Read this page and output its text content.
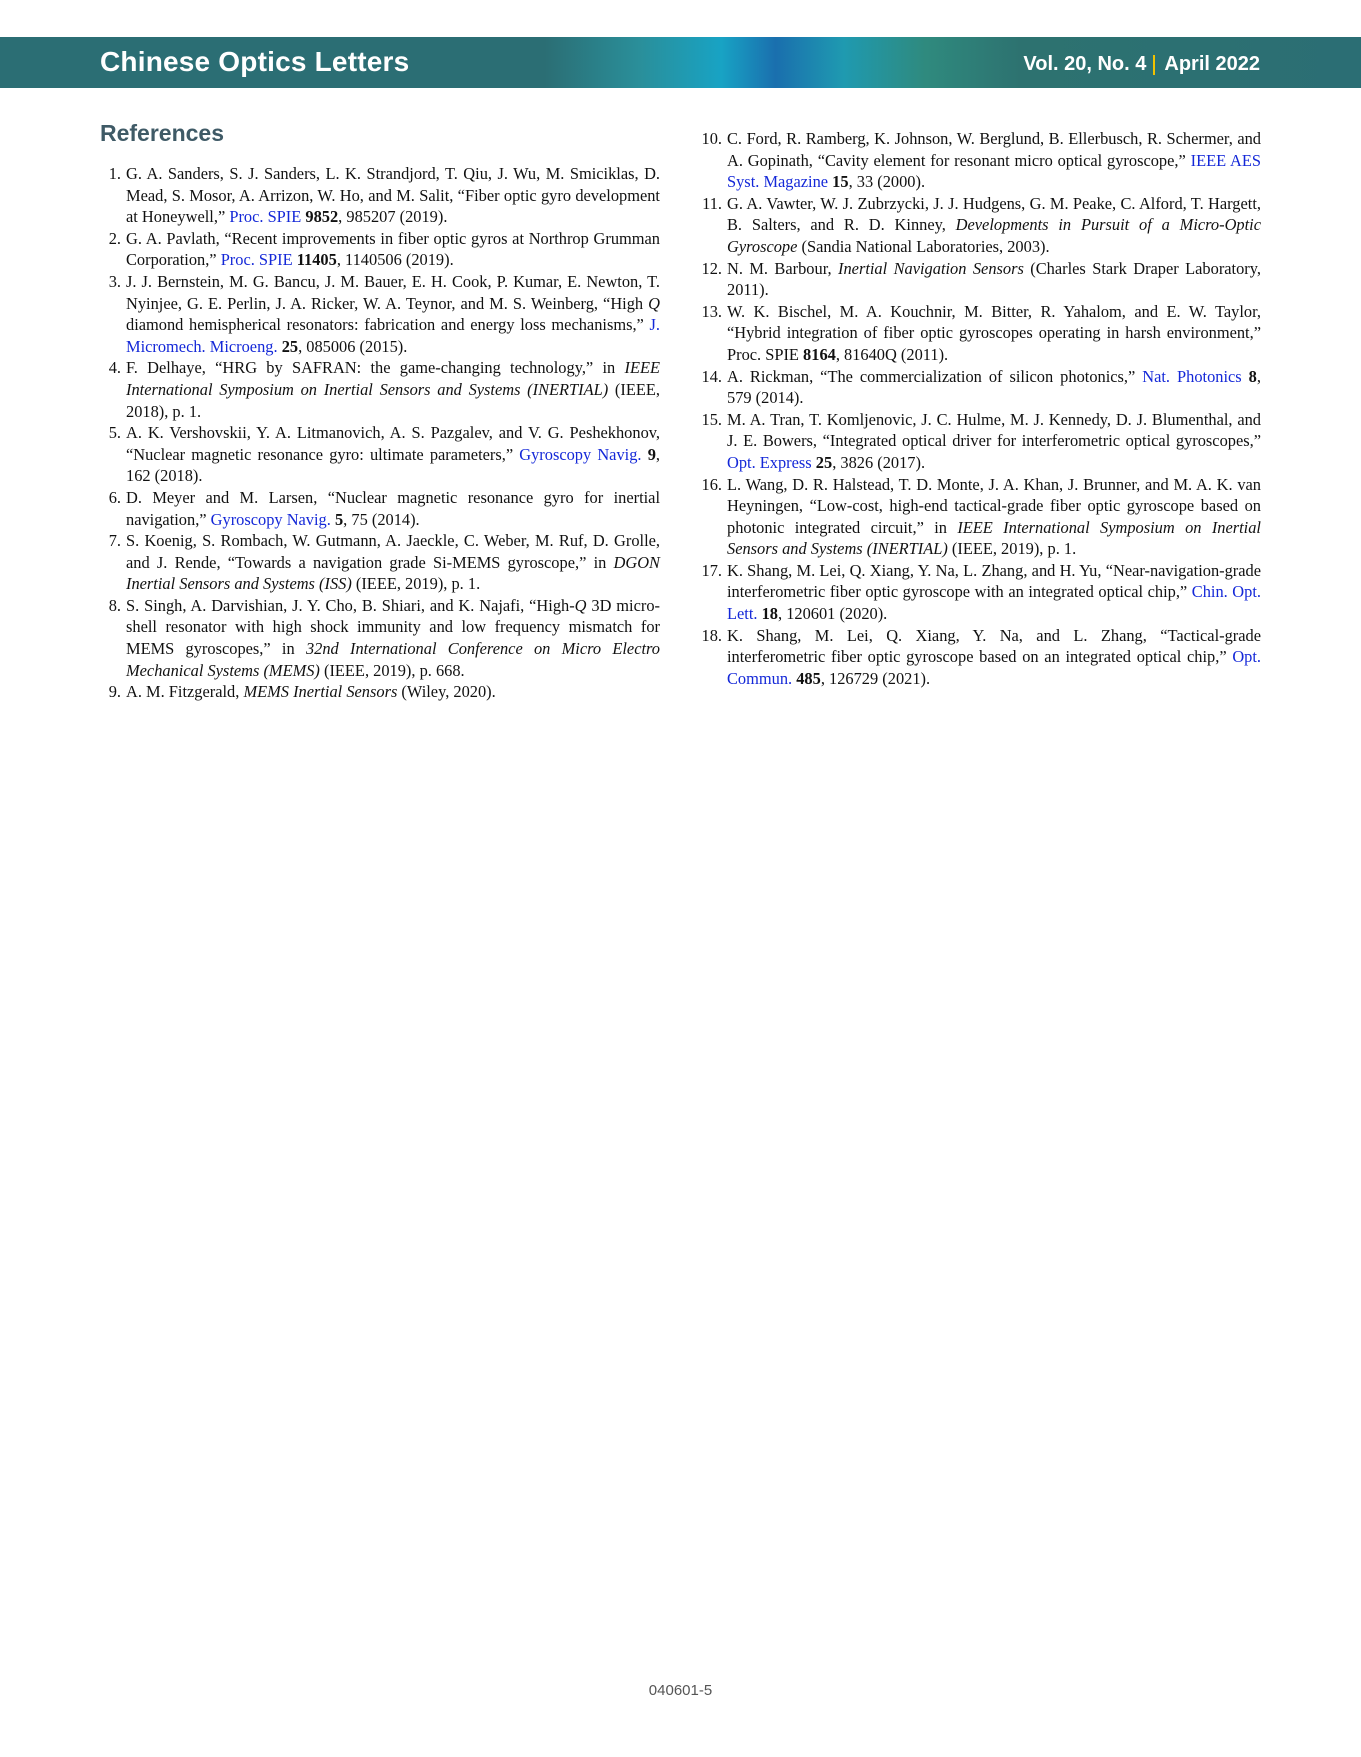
Chinese Optics Letters	Vol. 20, No. 4 April 2022
References
1. G. A. Sanders, S. J. Sanders, L. K. Strandjord, T. Qiu, J. Wu, M. Smiciklas, D. Mead, S. Mosor, A. Arrizon, W. Ho, and M. Salit, “Fiber optic gyro development at Honeywell,” Proc. SPIE 9852, 985207 (2019).
2. G. A. Pavlath, “Recent improvements in fiber optic gyros at Northrop Grumman Corporation,” Proc. SPIE 11405, 1140506 (2019).
3. J. J. Bernstein, M. G. Bancu, J. M. Bauer, E. H. Cook, P. Kumar, E. Newton, T. Nyinjee, G. E. Perlin, J. A. Ricker, W. A. Teynor, and M. S. Weinberg, “High Q diamond hemispherical resonators: fabrication and energy loss mechanisms,” J. Micromech. Microeng. 25, 085006 (2015).
4. F. Delhaye, “HRG by SAFRAN: the game-changing technology,” in IEEE International Symposium on Inertial Sensors and Systems (INERTIAL) (IEEE, 2018), p. 1.
5. A. K. Vershovskii, Y. A. Litmanovich, A. S. Pazgalev, and V. G. Peshekhonov, “Nuclear magnetic resonance gyro: ultimate parameters,” Gyroscopy Navig. 9, 162 (2018).
6. D. Meyer and M. Larsen, “Nuclear magnetic resonance gyro for inertial navigation,” Gyroscopy Navig. 5, 75 (2014).
7. S. Koenig, S. Rombach, W. Gutmann, A. Jaeckle, C. Weber, M. Ruf, D. Grolle, and J. Rende, “Towards a navigation grade Si-MEMS gyroscope,” in DGON Inertial Sensors and Systems (ISS) (IEEE, 2019), p. 1.
8. S. Singh, A. Darvishian, J. Y. Cho, B. Shiari, and K. Najafi, “High-Q 3D micro-shell resonator with high shock immunity and low frequency mismatch for MEMS gyroscopes,” in 32nd International Conference on Micro Electro Mechanical Systems (MEMS) (IEEE, 2019), p. 668.
9. A. M. Fitzgerald, MEMS Inertial Sensors (Wiley, 2020).
10. C. Ford, R. Ramberg, K. Johnson, W. Berglund, B. Ellerbusch, R. Schermer, and A. Gopinath, “Cavity element for resonant micro optical gyroscope,” IEEE AES Syst. Magazine 15, 33 (2000).
11. G. A. Vawter, W. J. Zubrzycki, J. J. Hudgens, G. M. Peake, C. Alford, T. Hargett, B. Salters, and R. D. Kinney, Developments in Pursuit of a Micro-Optic Gyroscope (Sandia National Laboratories, 2003).
12. N. M. Barbour, Inertial Navigation Sensors (Charles Stark Draper Laboratory, 2011).
13. W. K. Bischel, M. A. Kouchnir, M. Bitter, R. Yahalom, and E. W. Taylor, “Hybrid integration of fiber optic gyroscopes operating in harsh environment,” Proc. SPIE 8164, 81640Q (2011).
14. A. Rickman, “The commercialization of silicon photonics,” Nat. Photonics 8, 579 (2014).
15. M. A. Tran, T. Komljenovic, J. C. Hulme, M. J. Kennedy, D. J. Blumenthal, and J. E. Bowers, “Integrated optical driver for interferometric optical gyroscopes,” Opt. Express 25, 3826 (2017).
16. L. Wang, D. R. Halstead, T. D. Monte, J. A. Khan, J. Brunner, and M. A. K. van Heyningen, “Low-cost, high-end tactical-grade fiber optic gyroscope based on photonic integrated circuit,” in IEEE International Symposium on Inertial Sensors and Systems (INERTIAL) (IEEE, 2019), p. 1.
17. K. Shang, M. Lei, Q. Xiang, Y. Na, L. Zhang, and H. Yu, “Near-navigation-grade interferometric fiber optic gyroscope with an integrated optical chip,” Chin. Opt. Lett. 18, 120601 (2020).
18. K. Shang, M. Lei, Q. Xiang, Y. Na, and L. Zhang, “Tactical-grade interferometric fiber optic gyroscope based on an integrated optical chip,” Opt. Commun. 485, 126729 (2021).
040601-5
